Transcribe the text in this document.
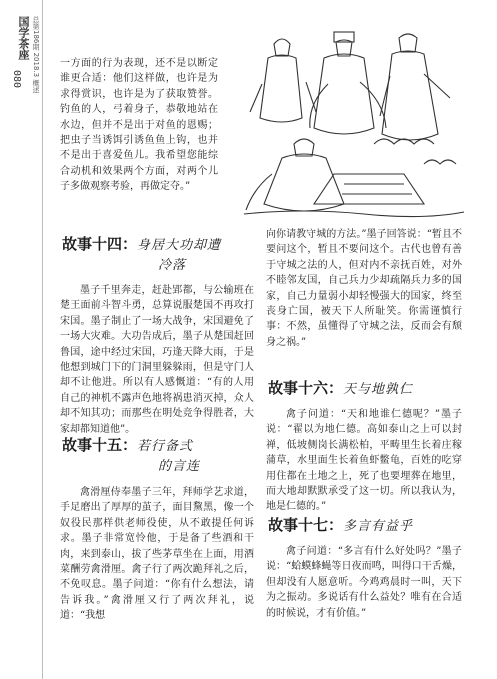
国学茶座
080 总第186期 2018.3 概述 一方面的行为表现，还不是以断定谁更合适：他们这样做，也许是为求得赏识，也许是为了获取赞誉。钓鱼的人，弓着身子，恭敬地站在水边，但并不是出于对鱼的恩赐；把虫子当诱饵引诱鱼鱼上钩，也并不是出于喜爱鱼儿。我希望您能综合动机和效果两个方面，对两个儿子多做观察考验，再做定夺。”

故事十四：身居大功却遭
冷落

墨子千里奔走，赶赴郢都，与公输班在楚王面前斗智斗勇，总算说服楚国不再攻打宋国。墨子制止了一场大战争，宋国避免了一场大灾难。大功告成后，墨子从楚国赶回鲁国，途中经过宋国，巧逢天降大雨，于是他想到城门下的门洞里躲躲雨，但是守门人却不让他进。所以有人感慨道：“有的人用自己的神机不露声色地将祸患消灭掉，众人却不知其功；而那些在明处竞争得胜者，大家却都知道他”。

故事十五：若行备弍
的言连

禽滑厘侍奉墨子三年，拜师学艺求道，手足磨出了厚厚的茧子，面目黧黑，像一个奴役民那样供老师役使，从不敢提任何诉求。墨子非常宽怜他，于是备了些酒和干肉，来到泰山，拔了些茅草坐在上面，用酒菜酬劳禽滑厘。禽子行了两次跪拜礼之后，不免叹息。墨子问道：“你有什么想法，请告诉我。”禽滑厘又行了两次拜礼，说道：“我想

向你请教守城的方法。”墨子回答说：“暂且不要问这个，暂且不要问这个。古代也曾有善于守城之法的人，但对内不亲抚百姓，对外不睦邻友国，自己兵力少却疏隔兵力多的国家，自己力量弱小却轻慢强大的国家，终至丧身亡国，被天下人所耻笑。你需谨慎行事：不然，虽懂得了守城之法，反而会有颓身之祸。”

故事十六：天与地孰仁

禽子问道：“天和地谁仁德呢？”墨子说：“翟以为地仁德。高如泰山之上可以封禅，低坡侧岗长满松柏，平畴里生长着庄稼蒲草，水里面生长着鱼虾鳖龟，百姓的吃穿用住都在土地之上，死了也要埋葬在地里，而大地却默默承受了这一切。所以我认为，地是仁德的。”

故事十七：多言有益乎

禽子问道：“多言有什么好处吗？”墨子说：“蛤蟆蜂蝇等日夜而鸣，叫得口干舌燥，但却没有人愿意听。今鸡鸡晨时一叫，天下为之振动。多说话有什么益处？唯有在合适的时候说，才有价值。”
